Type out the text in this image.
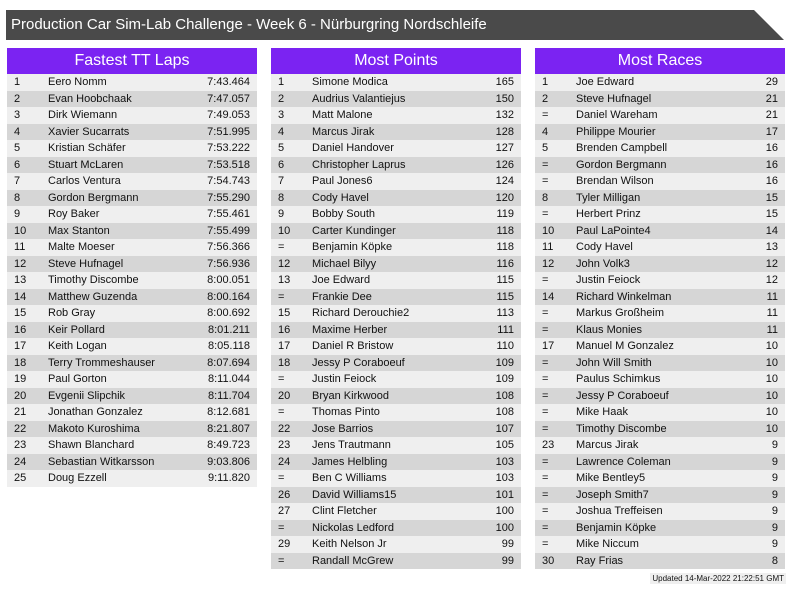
Production Car Sim-Lab Challenge - Week 6 - Nürburgring Nordschleife
Fastest TT Laps
1	Eero Nomm	7:43.464
2	Evan Hoobchaak	7:47.057
3	Dirk Wiemann	7:49.053
4	Xavier Sucarrats	7:51.995
5	Kristian Schäfer	7:53.222
6	Stuart McLaren	7:53.518
7	Carlos Ventura	7:54.743
8	Gordon Bergmann	7:55.290
9	Roy Baker	7:55.461
10 Max Stanton	7:55.499
11 Malte Moeser	7:56.366
12 Steve Hufnagel	7:56.936
13 Timothy Discombe	8:00.051
14 Matthew Guzenda	8:00.164
15 Rob Gray	8:00.692
16 Keir Pollard	8:01.211
17 Keith Logan	8:05.118
18 Terry Trommeshauser	8:07.694
19 Paul Gorton	8:11.044
20 Evgenii Slipchik	8:11.704
21 Jonathan Gonzalez	8:12.681
22 Makoto Kuroshima	8:21.807
23 Shawn Blanchard	8:49.723
24 Sebastian Witkarsson	9:03.806
25 Doug Ezzell	9:11.820
Most Points
1	Simone Modica	165
2	Audrius Valantiejus	150
3	Matt Malone	132
4	Marcus Jirak	128
5	Daniel Handover	127
6	Christopher Laprus	126
7	Paul Jones6	124
8	Cody Havel	120
9	Bobby South	119
10 Carter Kundinger	118
=	Benjamin Köpke	118
12 Michael Bilyy	116
13 Joe Edward	115
=	Frankie Dee	115
15 Richard Derouchie2	113
16 Maxime Herber	111
17 Daniel R Bristow	110
18 Jessy P Coraboeuf	109
=	Justin Feiock	109
20 Bryan Kirkwood	108
=	Thomas Pinto	108
22 Jose Barrios	107
23 Jens Trautmann	105
24 James Helbling	103
=	Ben C Williams	103
26 David Williams15	101
27 Clint Fletcher	100
=	Nickolas Ledford	100
29 Keith Nelson Jr	99
=	Randall McGrew	99
Most Races
1	Joe Edward	29
2	Steve Hufnagel	21
=	Daniel Wareham	21
4	Philippe Mourier	17
5	Brenden Campbell	16
=	Gordon Bergmann	16
=	Brendan Wilson	16
8	Tyler Milligan	15
=	Herbert Prinz	15
10 Paul LaPointe4	14
11 Cody Havel	13
12 John Volk3	12
=	Justin Feiock	12
14 Richard Winkelman	11
=	Markus Großheim	11
=	Klaus Monies	11
17 Manuel M Gonzalez	10
=	John Will Smith	10
=	Paulus Schimkus	10
=	Jessy P Coraboeuf	10
=	Mike Haak	10
=	Timothy Discombe	10
23 Marcus Jirak	9
=	Lawrence Coleman	9
=	Mike Bentley5	9
=	Joseph Smith7	9
=	Joshua Treffeisen	9
=	Benjamin Köpke	9
=	Mike Niccum	9
30 Ray Frias	8
Updated 14-Mar-2022 21:22:51 GMT
